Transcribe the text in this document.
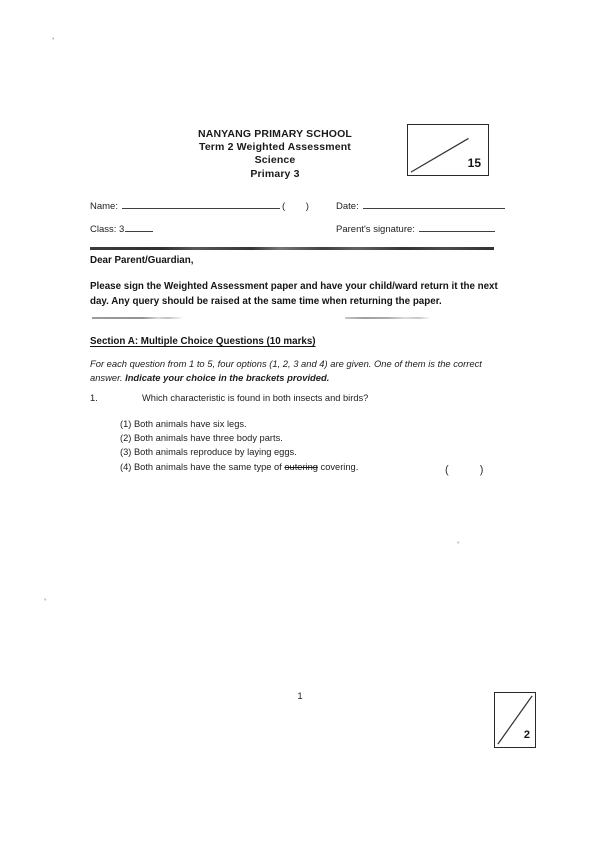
•
•
•
NANYANG PRIMARY SCHOOL
Term 2 Weighted Assessment
Science
Primary 3
15
Name:	( ) Date:
Class: 3	Parent's signature:
Dear Parent/Guardian,
Please sign the Weighted Assessment paper and have your child/ward return it the next day. Any query should be raised at the same time when returning the paper.
Section A: Multiple Choice Questions (10 marks)
For each question from 1 to 5, four options (1, 2, 3 and 4) are given. One of them is the correct answer. Indicate your choice in the brackets provided.
1.	Which characteristic is found in both insects and birds?
(1) Both animals have six legs.
(2) Both animals have three body parts.
(3) Both animals reproduce by laying eggs.
(4) Both animals have the same type of outering covering.	( )
1
2
